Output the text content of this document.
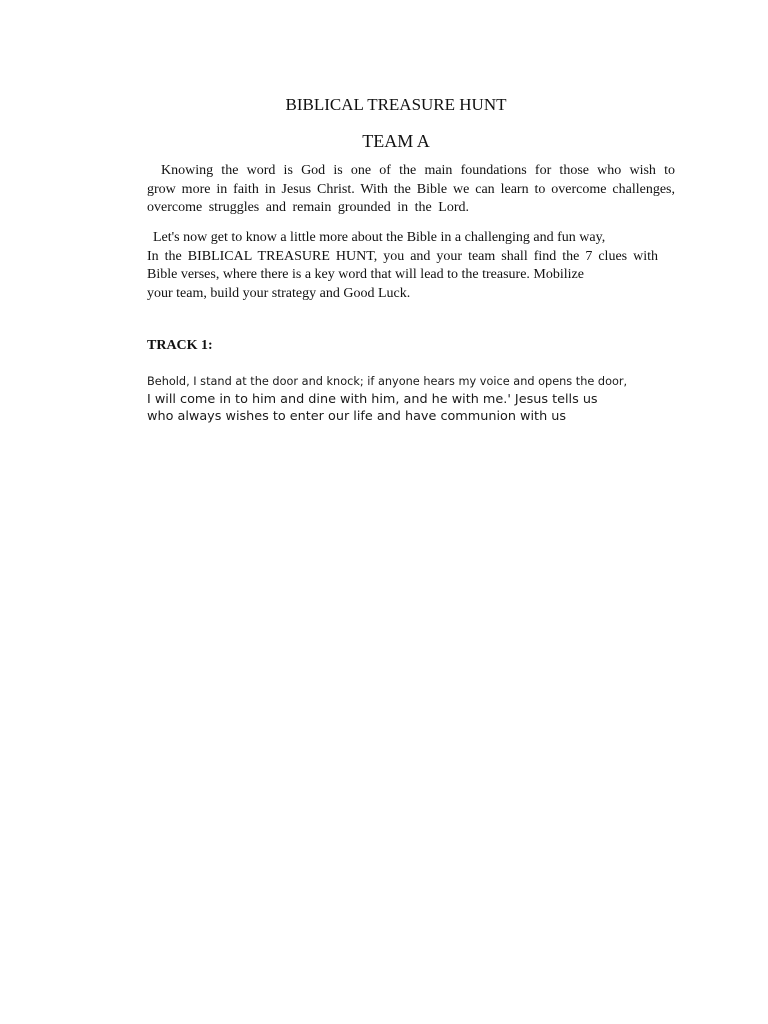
BIBLICAL TREASURE HUNT
TEAM A

Knowing the word is God is one of the main foundations for those who wish to
grow more in faith in Jesus Christ. With the Bible we can learn to overcome challenges,
overcome struggles and remain grounded in the Lord.

Let's now get to know a little more about the Bible in a challenging and fun way,
In the BIBLICAL TREASURE HUNT, you and your team shall find the 7 clues with
Bible verses, where there is a key word that will lead to the treasure. Mobilize
your team, build your strategy and Good Luck.

TRACK 1:

Behold, I stand at the door and knock; if anyone hears my voice and opens the door,
I will come in to him and dine with him, and he with me.' Jesus tells us
who always wishes to enter our life and have communion with us
